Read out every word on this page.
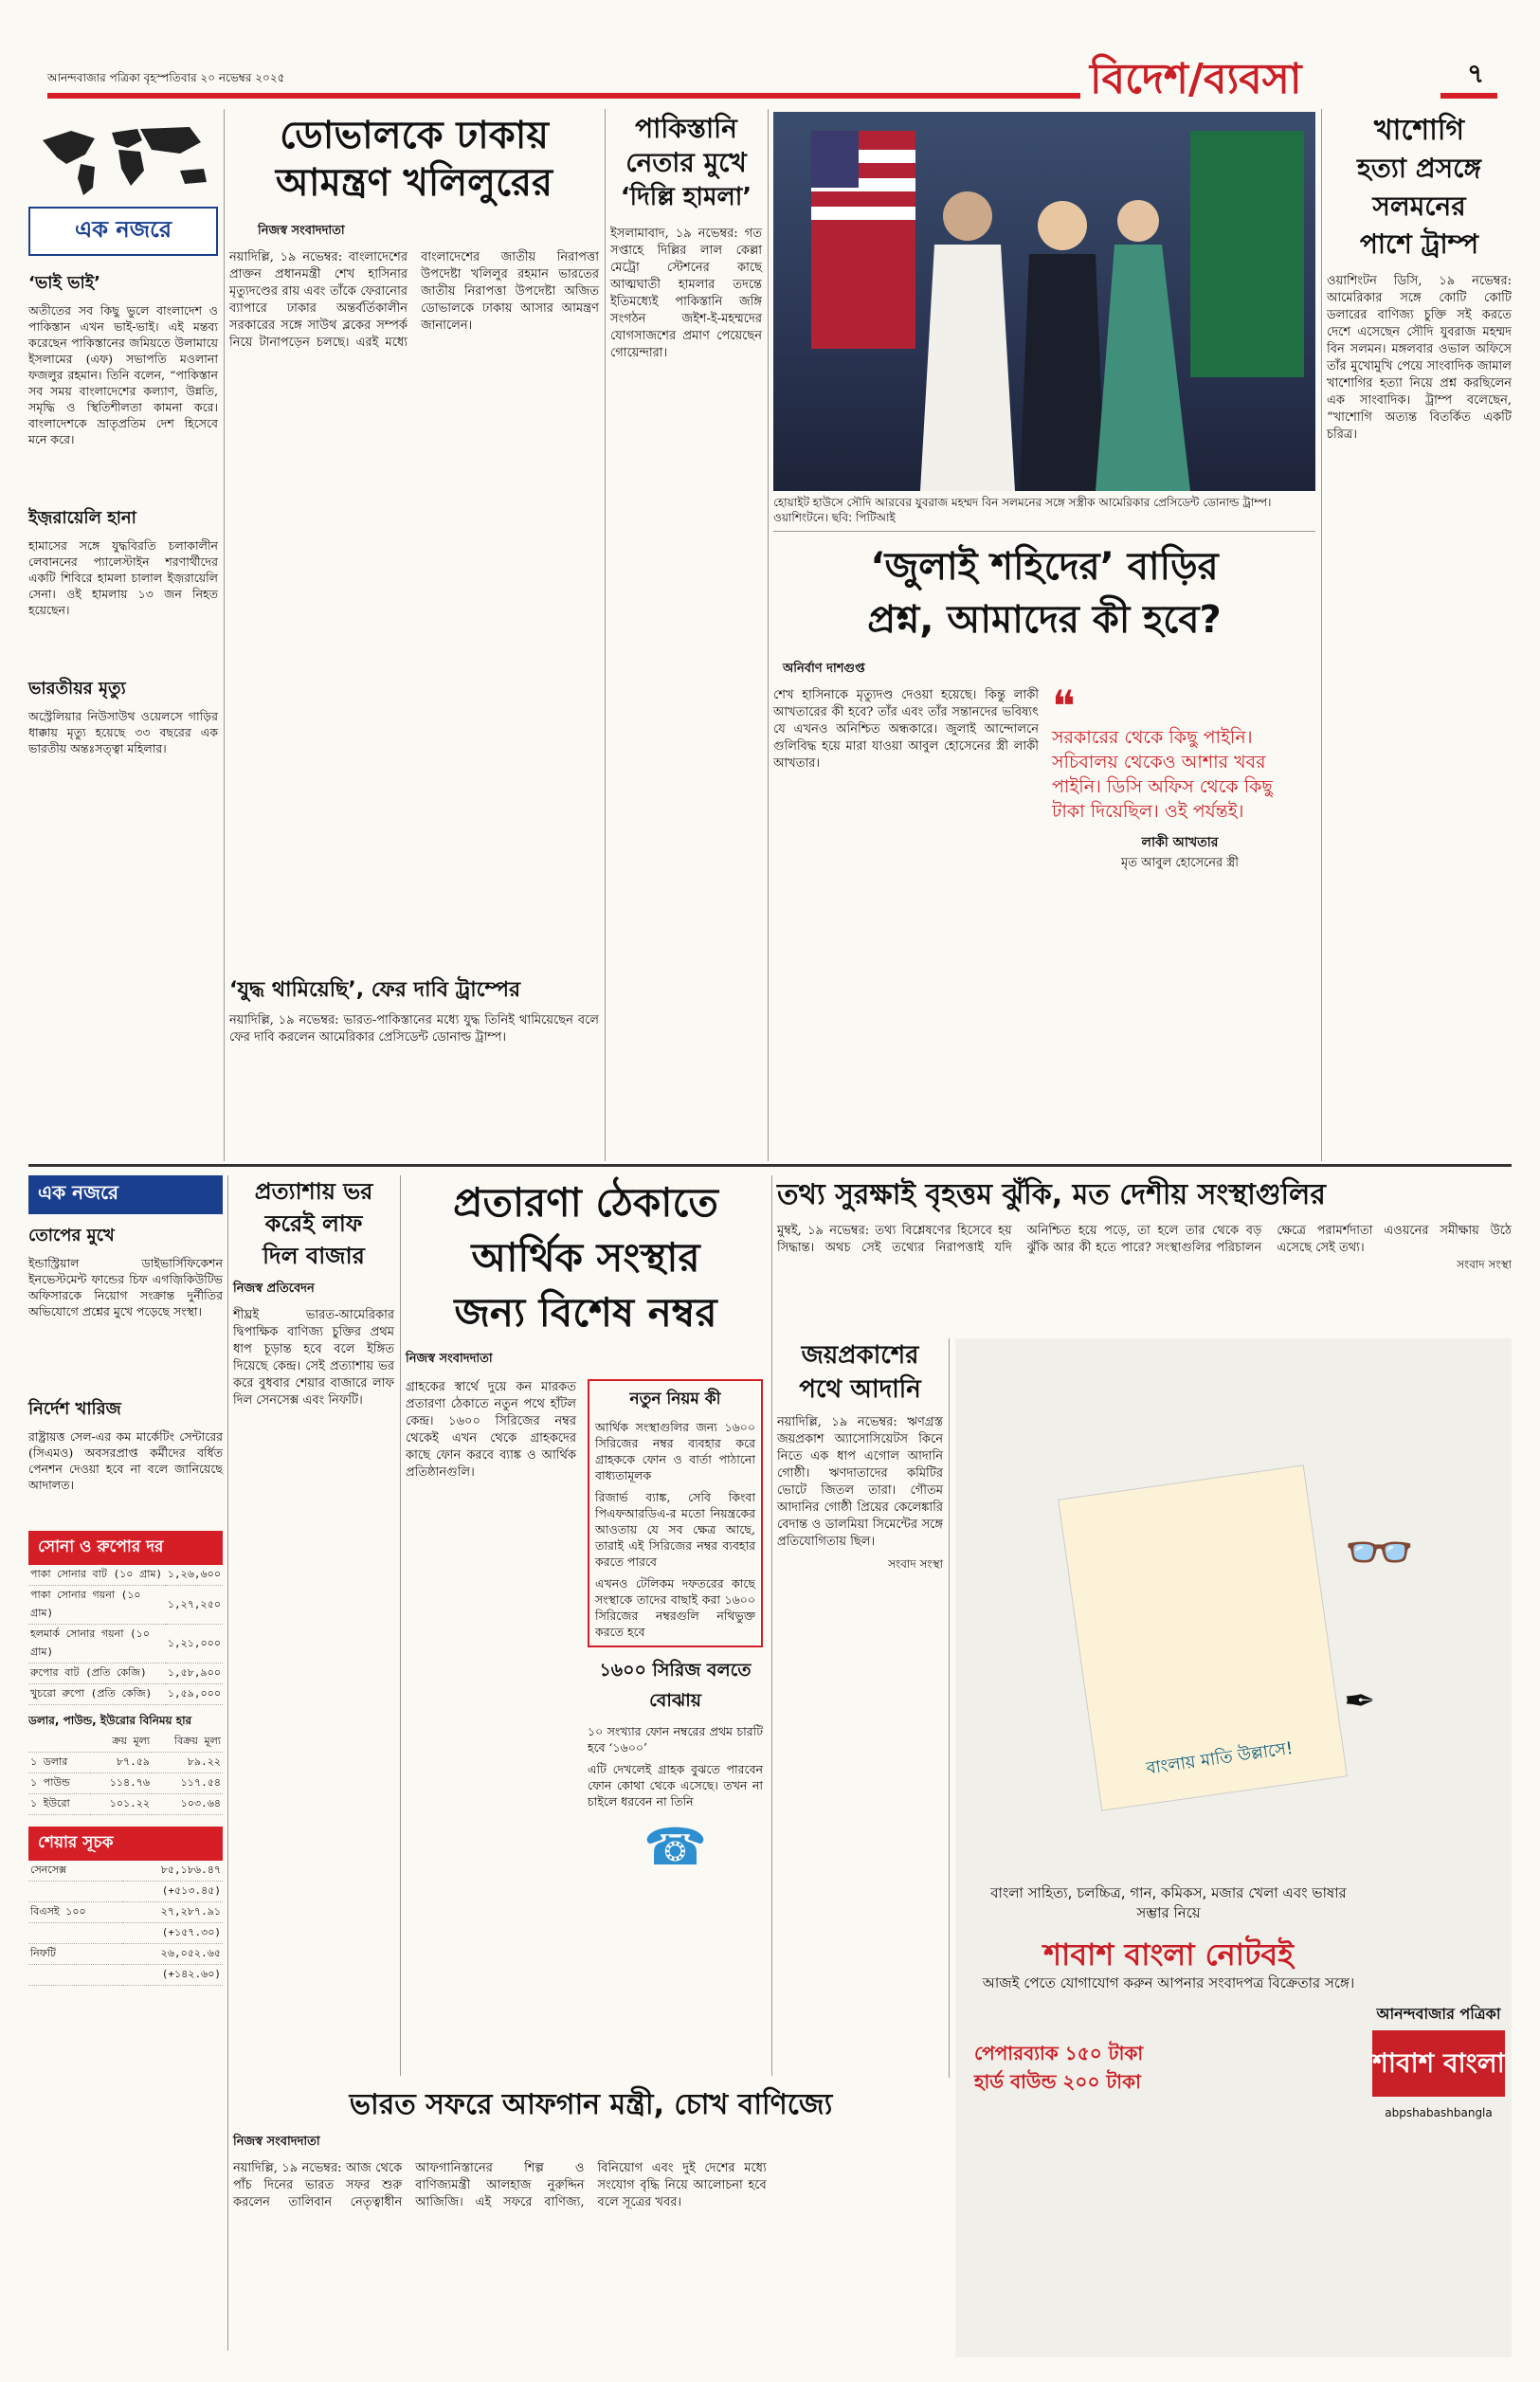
আনন্দবাজার পত্রিকা বৃহস্পতিবার ২০ নভেম্বর ২০২৫	বিদেশ/ব্যবসা	৭
এক নজরে
‘ভাই ভাই’
অতীতের সব কিছু ভুলে বাংলাদেশ ও পাকিস্তান এখন ভাই-ভাই। এই মন্তব্য করেছেন পাকিস্তানের জমিয়তে উলামায়ে ইসলামের (এফ) সভাপতি মওলানা ফজলুর রহমান। তিনি বলেন, “পাকিস্তান সব সময় বাংলাদেশের কল্যাণ, উন্নতি, সমৃদ্ধি ও স্থিতিশীলতা কামনা করে। বাংলাদেশকে ভ্রাতৃপ্রতিম দেশ হিসেবে মনে করে।
ইজ়রায়েলি হানা
হামাসের সঙ্গে যুদ্ধবিরতি চলাকালীন লেবাননের প্যালেস্টাইন শরণার্থীদের একটি শিবিরে হামলা চালাল ইজ়রায়েলি সেনা। ওই হামলায় ১৩ জন নিহত হয়েছেন।
ভারতীয়র মৃত্যু
অস্ট্রেলিয়ার নিউসাউথ ওয়েলসে গাড়ির ধাক্কায় মৃত্যু হয়েছে ৩৩ বছরের এক ভারতীয় অন্তঃসত্ত্বা মহিলার।
ডোভালকে ঢাকায়
আমন্ত্রণ খলিলুরের
নিজস্ব সংবাদদাতা
নয়াদিল্লি, ১৯ নভেম্বর: বাংলাদেশের প্রাক্তন প্রধানমন্ত্রী শেখ হাসিনার মৃত্যুদণ্ডের রায় এবং তাঁকে ফেরানোর ব্যাপারে ঢাকার অন্তর্বর্তিকালীন সরকারের সঙ্গে সাউথ ব্লকের সম্পর্ক নিয়ে টানাপড়েন চলছে। এরই মধ্যে বাংলাদেশের জাতীয় নিরাপত্তা উপদেষ্টা খলিলুর রহমান ভারতের জাতীয় নিরাপত্তা উপদেষ্টা অজিত ডোভালকে ঢাকায় আসার আমন্ত্রণ জানালেন।
‘যুদ্ধ থামিয়েছি’, ফের দাবি ট্রাম্পের
নয়াদিল্লি, ১৯ নভেম্বর: ভারত-পাকিস্তানের মধ্যে যুদ্ধ তিনিই থামিয়েছেন বলে ফের দাবি করলেন আমেরিকার প্রেসিডেন্ট ডোনাল্ড ট্রাম্প।
পাকিস্তানি
নেতার মুখে
‘দিল্লি হামলা’
ইসলামাবাদ, ১৯ নভেম্বর: গত সপ্তাহে দিল্লির লাল কেল্লা মেট্রো স্টেশনের কাছে আত্মঘাতী হামলার তদন্তে ইতিমধ্যেই পাকিস্তানি জঙ্গি সংগঠন জইশ-ই-মহম্মদের যোগসাজশের প্রমাণ পেয়েছেন গোয়েন্দারা।
হোয়াইট হাউসে সৌদি আরবের যুবরাজ মহম্মদ বিন সলমনের সঙ্গে সস্ত্রীক আমেরিকার প্রেসিডেন্ট ডোনাল্ড ট্রাম্প। ওয়াশিংটনে। ছবি: পিটিআই
খাশোগি
হত্যা প্রসঙ্গে
সলমনের
পাশে ট্রাম্প
ওয়াশিংটন ডিসি, ১৯ নভেম্বর: আমেরিকার সঙ্গে কোটি কোটি ডলারের বাণিজ্য চুক্তি সই করতে দেশে এসেছেন সৌদি যুবরাজ মহম্মদ বিন সলমন। মঙ্গলবার ওভাল অফিসে তাঁর মুখোমুখি পেয়ে সাংবাদিক জামাল খাশোগির হত্যা নিয়ে প্রশ্ন করছিলেন এক সাংবাদিক। ট্রাম্প বলেছেন, “খাশোগি অত্যন্ত বিতর্কিত একটি চরিত্র।
‘জুলাই শহিদের’ বাড়ির
প্রশ্ন, আমাদের কী হবে?
অনির্বাণ দাশগুপ্ত
শেখ হাসিনাকে মৃত্যুদণ্ড দেওয়া হয়েছে। কিন্তু লাকী আখতারের কী হবে? তাঁর এবং তাঁর সন্তানদের ভবিষ্যৎ যে এখনও অনিশ্চিত অন্ধকারে। জুলাই আন্দোলনে গুলিবিদ্ধ হয়ে মারা যাওয়া আবুল হোসেনের স্ত্রী লাকী আখতার।
❝
সরকারের থেকে কিছু পাইনি। সচিবালয় থেকেও আশার খবর পাইনি। ডিসি অফিস থেকে কিছু টাকা দিয়েছিল। ওই পর্যন্তই।
লাকী আখতার
মৃত আবুল হোসেনের স্ত্রী
এক নজরে
তোপের মুখে
ইন্ডাস্ট্রিয়াল ডাইভার্সিফিকেশন ইনভেস্টমেন্ট ফান্ডের চিফ এগজ়িকিউটিভ অফিসারকে নিয়োগ সংক্রান্ত দুর্নীতির অভিযোগে প্রশ্নের মুখে পড়েছে সংস্থা।
নির্দেশ খারিজ
রাষ্ট্রায়ত্ত সেল-এর কম মার্কেটিং সেন্টারের (সিএমও) অবসরপ্রাপ্ত কর্মীদের বর্ধিত পেনশন দেওয়া হবে না বলে জানিয়েছে আদালত।
সোনা ও রুপোর দর
পাকা সোনার বাট (১০ গ্রাম)	১,২৬,৬০০
পাকা সোনার গয়না (১০ গ্রাম)	১,২৭,২৫০
হলমার্ক সোনার গয়না (১০ গ্রাম)	১,২১,০০০
রুপোর বাট (প্রতি কেজি)	১,৫৮,৯০০
খুচরো রুপো (প্রতি কেজি)	১,৫৯,০০০
ডলার, পাউন্ড, ইউরোর বিনিময় হার
	ক্রয় মূল্য	বিক্রয় মূল্য
১ ডলার	৮৭.৫৯	৮৯.২২
১ পাউন্ড	১১৪.৭৬	১১৭.৫৪
১ ইউরো	১০১.২২	১০৩.৬৪
শেয়ার সূচক
সেনসেক্স	৮৫,১৮৬.৪৭
	(+৫১৩.৪৫)
বিএসই ১০০	২৭,২৮৭.৯১
	(+১৫৭.৩০)
নিফটি	২৬,০৫২.৬৫
	(+১৪২.৬০)
প্রত্যাশায় ভর
করেই লাফ
দিল বাজার
নিজস্ব প্রতিবেদন
শীঘ্রই ভারত-আমেরিকার দ্বিপাক্ষিক বাণিজ্য চুক্তির প্রথম ধাপ চূড়ান্ত হবে বলে ইঙ্গিত দিয়েছে কেন্দ্র। সেই প্রত্যাশায় ভর করে বুধবার শেয়ার বাজারে লাফ দিল সেনসেক্স এবং নিফটি।
প্রতারণা ঠেকাতে
আর্থিক সংস্থার
জন্য বিশেষ নম্বর
নিজস্ব সংবাদদাতা
গ্রাহকের স্বার্থে দুয়ে কন মারকত প্রতারণা ঠেকাতে নতুন পথে হাঁটল কেন্দ্র। ১৬০০ সিরিজের নম্বর থেকেই এখন থেকে গ্রাহকদের কাছে ফোন করবে ব্যাঙ্ক ও আর্থিক প্রতিষ্ঠানগুলি।
নতুন নিয়ম কী
আর্থিক সংস্থাগুলির জন্য ১৬০০ সিরিজের নম্বর ব্যবহার করে গ্রাহককে ফোন ও বার্তা পাঠানো বাধ্যতামূলক
রিজার্ভ ব্যাঙ্ক, সেবি কিংবা পিএফআরডিএ-র মতো নিয়ন্ত্রকের আওতায় যে সব ক্ষেত্র আছে, তারাই এই সিরিজের নম্বর ব্যবহার করতে পারবে
এখনও টেলিকম দফতরের কাছে সংস্থাকে তাদের বাছাই করা ১৬০০ সিরিজের নম্বরগুলি নথিভুক্ত করতে হবে
১৬০০ সিরিজ বলতে বোঝায়
১০ সংখ্যার ফোন নম্বরের প্রথম চারটি হবে ‘১৬০০’
এটি দেখলেই গ্রাহক বুঝতে পারবেন ফোন কোথা থেকে এসেছে। তখন না চাইলে ধরবেন না তিনি
☎
তথ্য সুরক্ষাই বৃহত্তম ঝুঁকি, মত দেশীয় সংস্থাগুলির
মুম্বই, ১৯ নভেম্বর: তথ্য বিশ্লেষণের হিসেবে হয় সিদ্ধান্ত। অথচ সেই তথ্যের নিরাপত্তাই যদি অনিশ্চিত হয়ে পড়ে, তা হলে তার থেকে বড় ঝুঁকি আর কী হতে পারে? সংস্থাগুলির পরিচালন ক্ষেত্রে পরামর্শদাতা এওয়নের সমীক্ষায় উঠে এসেছে সেই তথ্য।
সংবাদ সংস্থা
জয়প্রকাশের
পথে আদানি
নয়াদিল্লি, ১৯ নভেম্বর: ঋণগ্রস্ত জয়প্রকাশ অ্যাসোসিয়েটস কিনে নিতে এক ধাপ এগোল আদানি গোষ্ঠী। ঋণদাতাদের কমিটির ভোটে জিতল তারা। গৌতম আদানির গোষ্ঠী প্রিয়ের কেলেঙ্কারি বেদান্ত ও ডালমিয়া সিমেন্টের সঙ্গে প্রতিযোগিতায় ছিল।
সংবাদ সংস্থা
বাংলায় মাতি উল্লাসে!
👓
✒
বাংলা সাহিত্য, চলচ্চিত্র, গান, কমিকস, মজার খেলা এবং ভাষার সম্ভার নিয়ে
শাবাশ বাংলা নোটবই
আজই পেতে যোগাযোগ করুন আপনার সংবাদপত্র বিক্রেতার সঙ্গে।
পেপারব্যাক ১৫০ টাকা
হার্ড বাউন্ড ২০০ টাকা
আনন্দবাজার পত্রিকা
শাবাশ বাংলা
abpshabashbangla
ভারত সফরে আফগান মন্ত্রী, চোখ বাণিজ্যে
নিজস্ব সংবাদদাতা
নয়াদিল্লি, ১৯ নভেম্বর: আজ থেকে পাঁচ দিনের ভারত সফর শুরু করলেন তালিবান নেতৃত্বাধীন আফগানিস্তানের শিল্প ও বাণিজ্যমন্ত্রী আলহাজ নুরুদ্দিন আজিজি। এই সফরে বাণিজ্য, বিনিয়োগ এবং দুই দেশের মধ্যে সংযোগ বৃদ্ধি নিয়ে আলোচনা হবে বলে সূত্রের খবর।
